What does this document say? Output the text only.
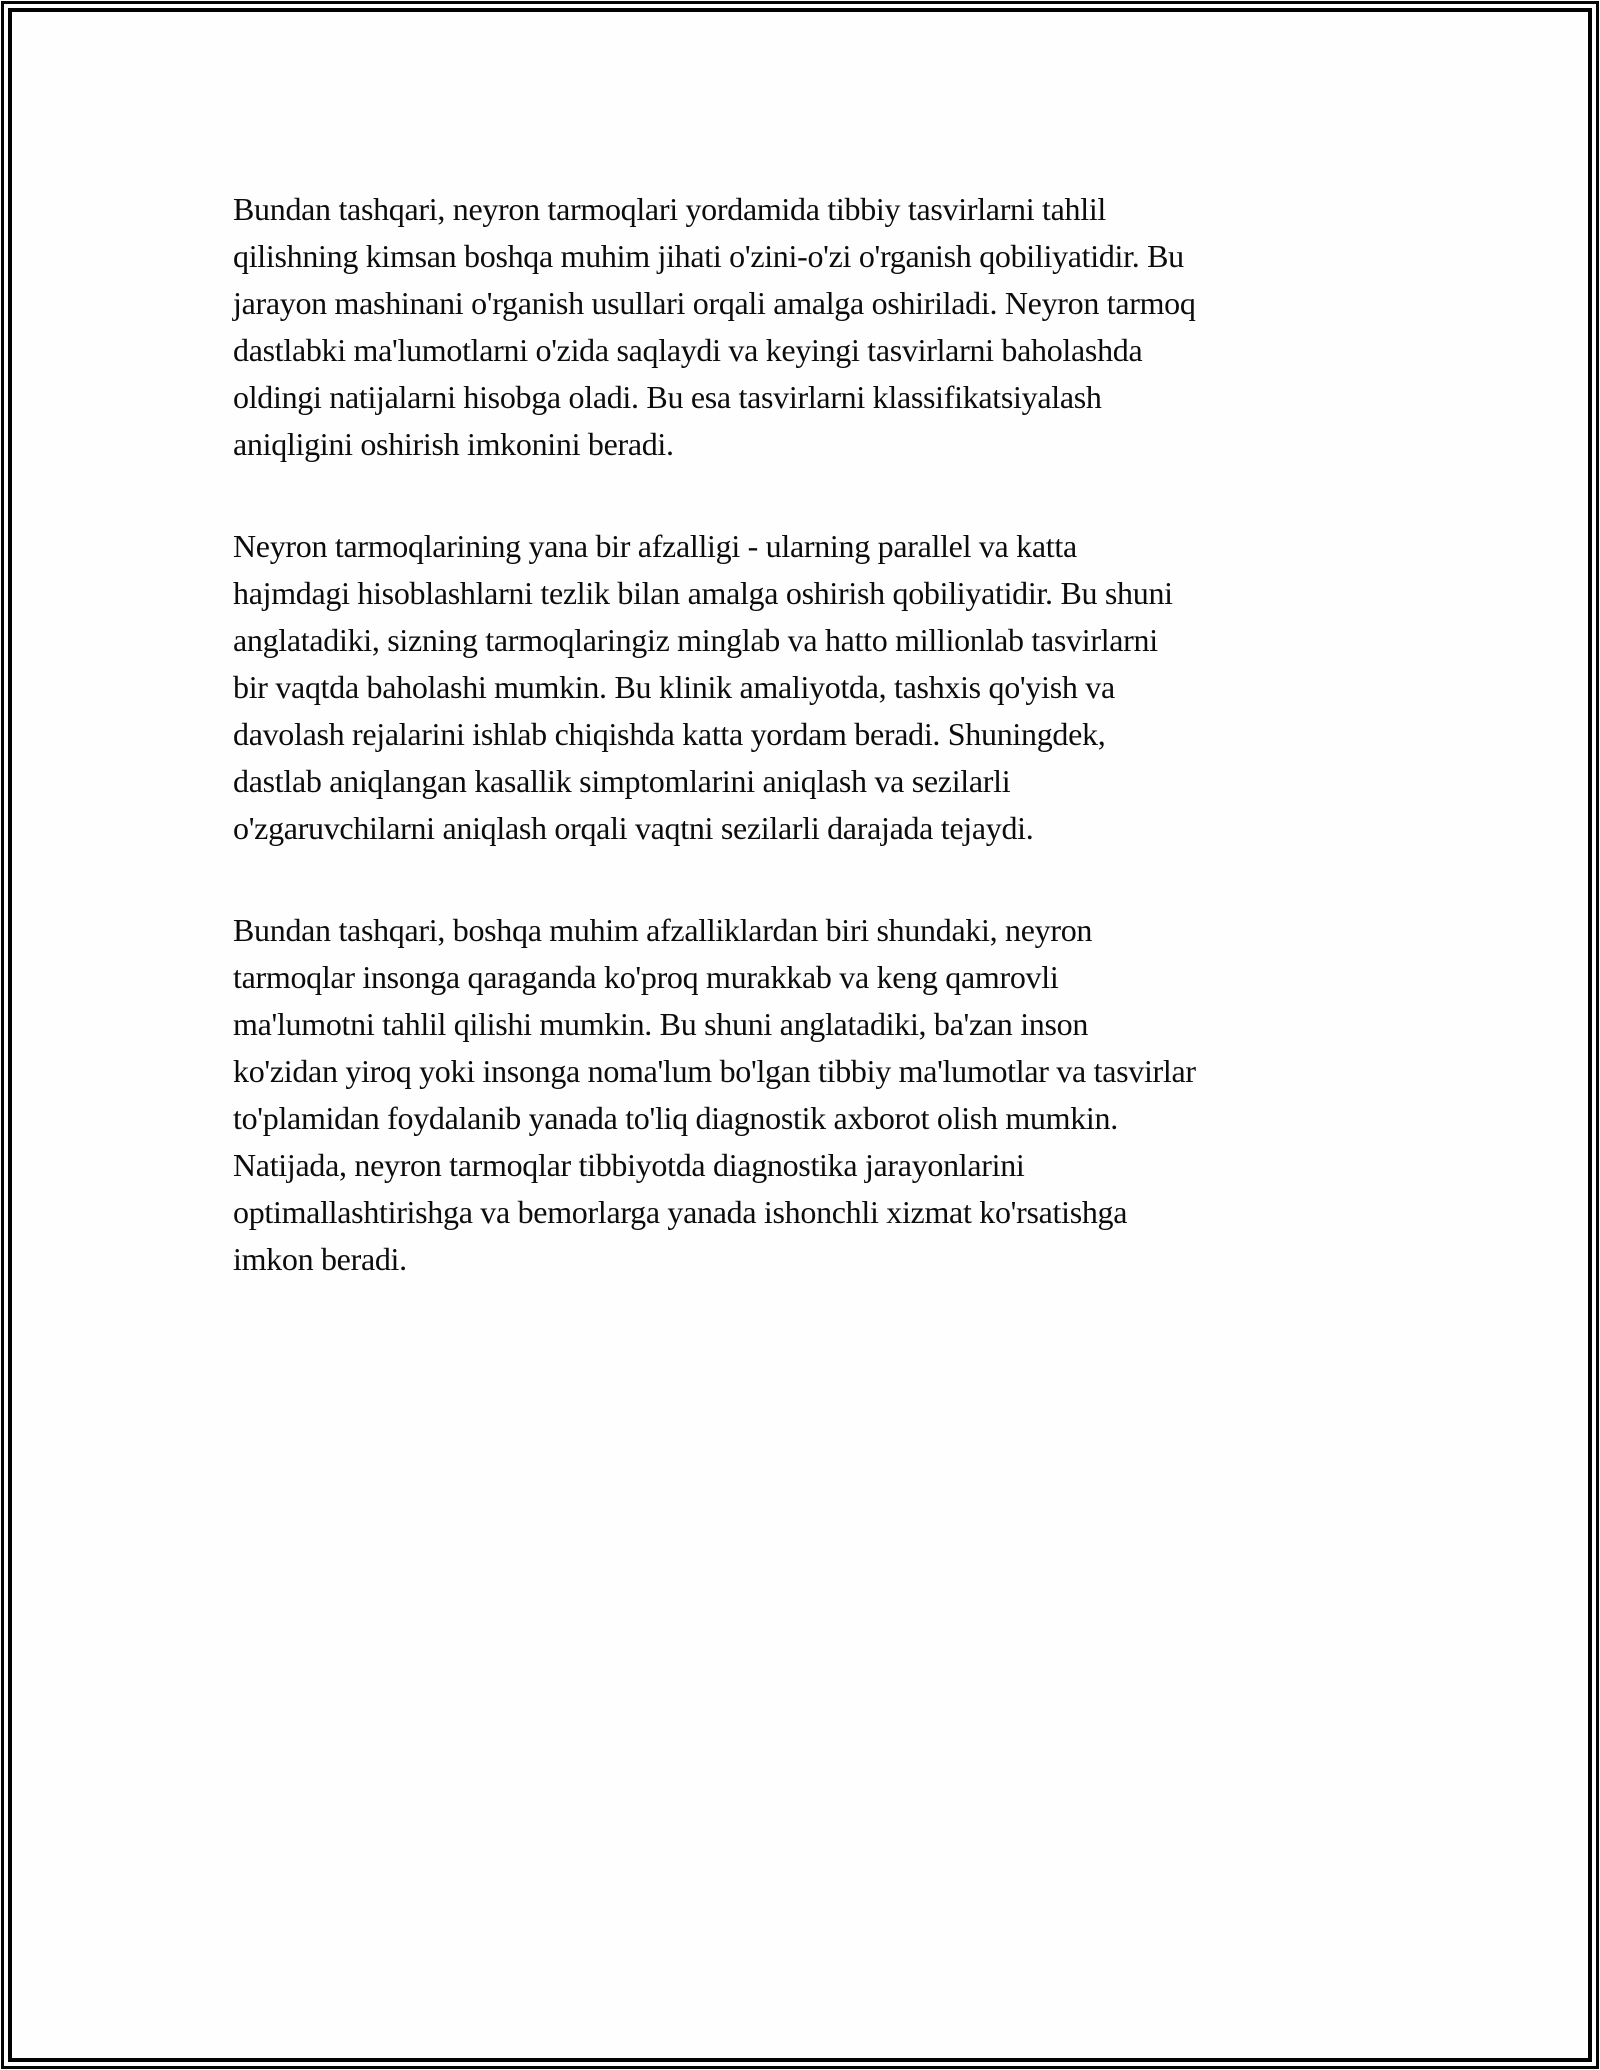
Bundan tashqari, neyron tarmoqlari yordamida tibbiy tasvirlarni tahlil
qilishning kimsan boshqa muhim jihati o'zini-o'zi o'rganish qobiliyatidir. Bu
jarayon mashinani o'rganish usullari orqali amalga oshiriladi. Neyron tarmoq
dastlabki ma'lumotlarni o'zida saqlaydi va keyingi tasvirlarni baholashda
oldingi natijalarni hisobga oladi. Bu esa tasvirlarni klassifikatsiyalash
aniqligini oshirish imkonini beradi.

Neyron tarmoqlarining yana bir afzalligi - ularning parallel va katta
hajmdagi hisoblashlarni tezlik bilan amalga oshirish qobiliyatidir. Bu shuni
anglatadiki, sizning tarmoqlaringiz minglab va hatto millionlab tasvirlarni
bir vaqtda baholashi mumkin. Bu klinik amaliyotda, tashxis qo'yish va
davolash rejalarini ishlab chiqishda katta yordam beradi. Shuningdek,
dastlab aniqlangan kasallik simptomlarini aniqlash va sezilarli
o'zgaruvchilarni aniqlash orqali vaqtni sezilarli darajada tejaydi.

Bundan tashqari, boshqa muhim afzalliklardan biri shundaki, neyron
tarmoqlar insonga qaraganda ko'proq murakkab va keng qamrovli
ma'lumotni tahlil qilishi mumkin. Bu shuni anglatadiki, ba'zan inson
ko'zidan yiroq yoki insonga noma'lum bo'lgan tibbiy ma'lumotlar va tasvirlar
to'plamidan foydalanib yanada to'liq diagnostik axborot olish mumkin.
Natijada, neyron tarmoqlar tibbiyotda diagnostika jarayonlarini
optimallashtirishga va bemorlarga yanada ishonchli xizmat ko'rsatishga
imkon beradi.
